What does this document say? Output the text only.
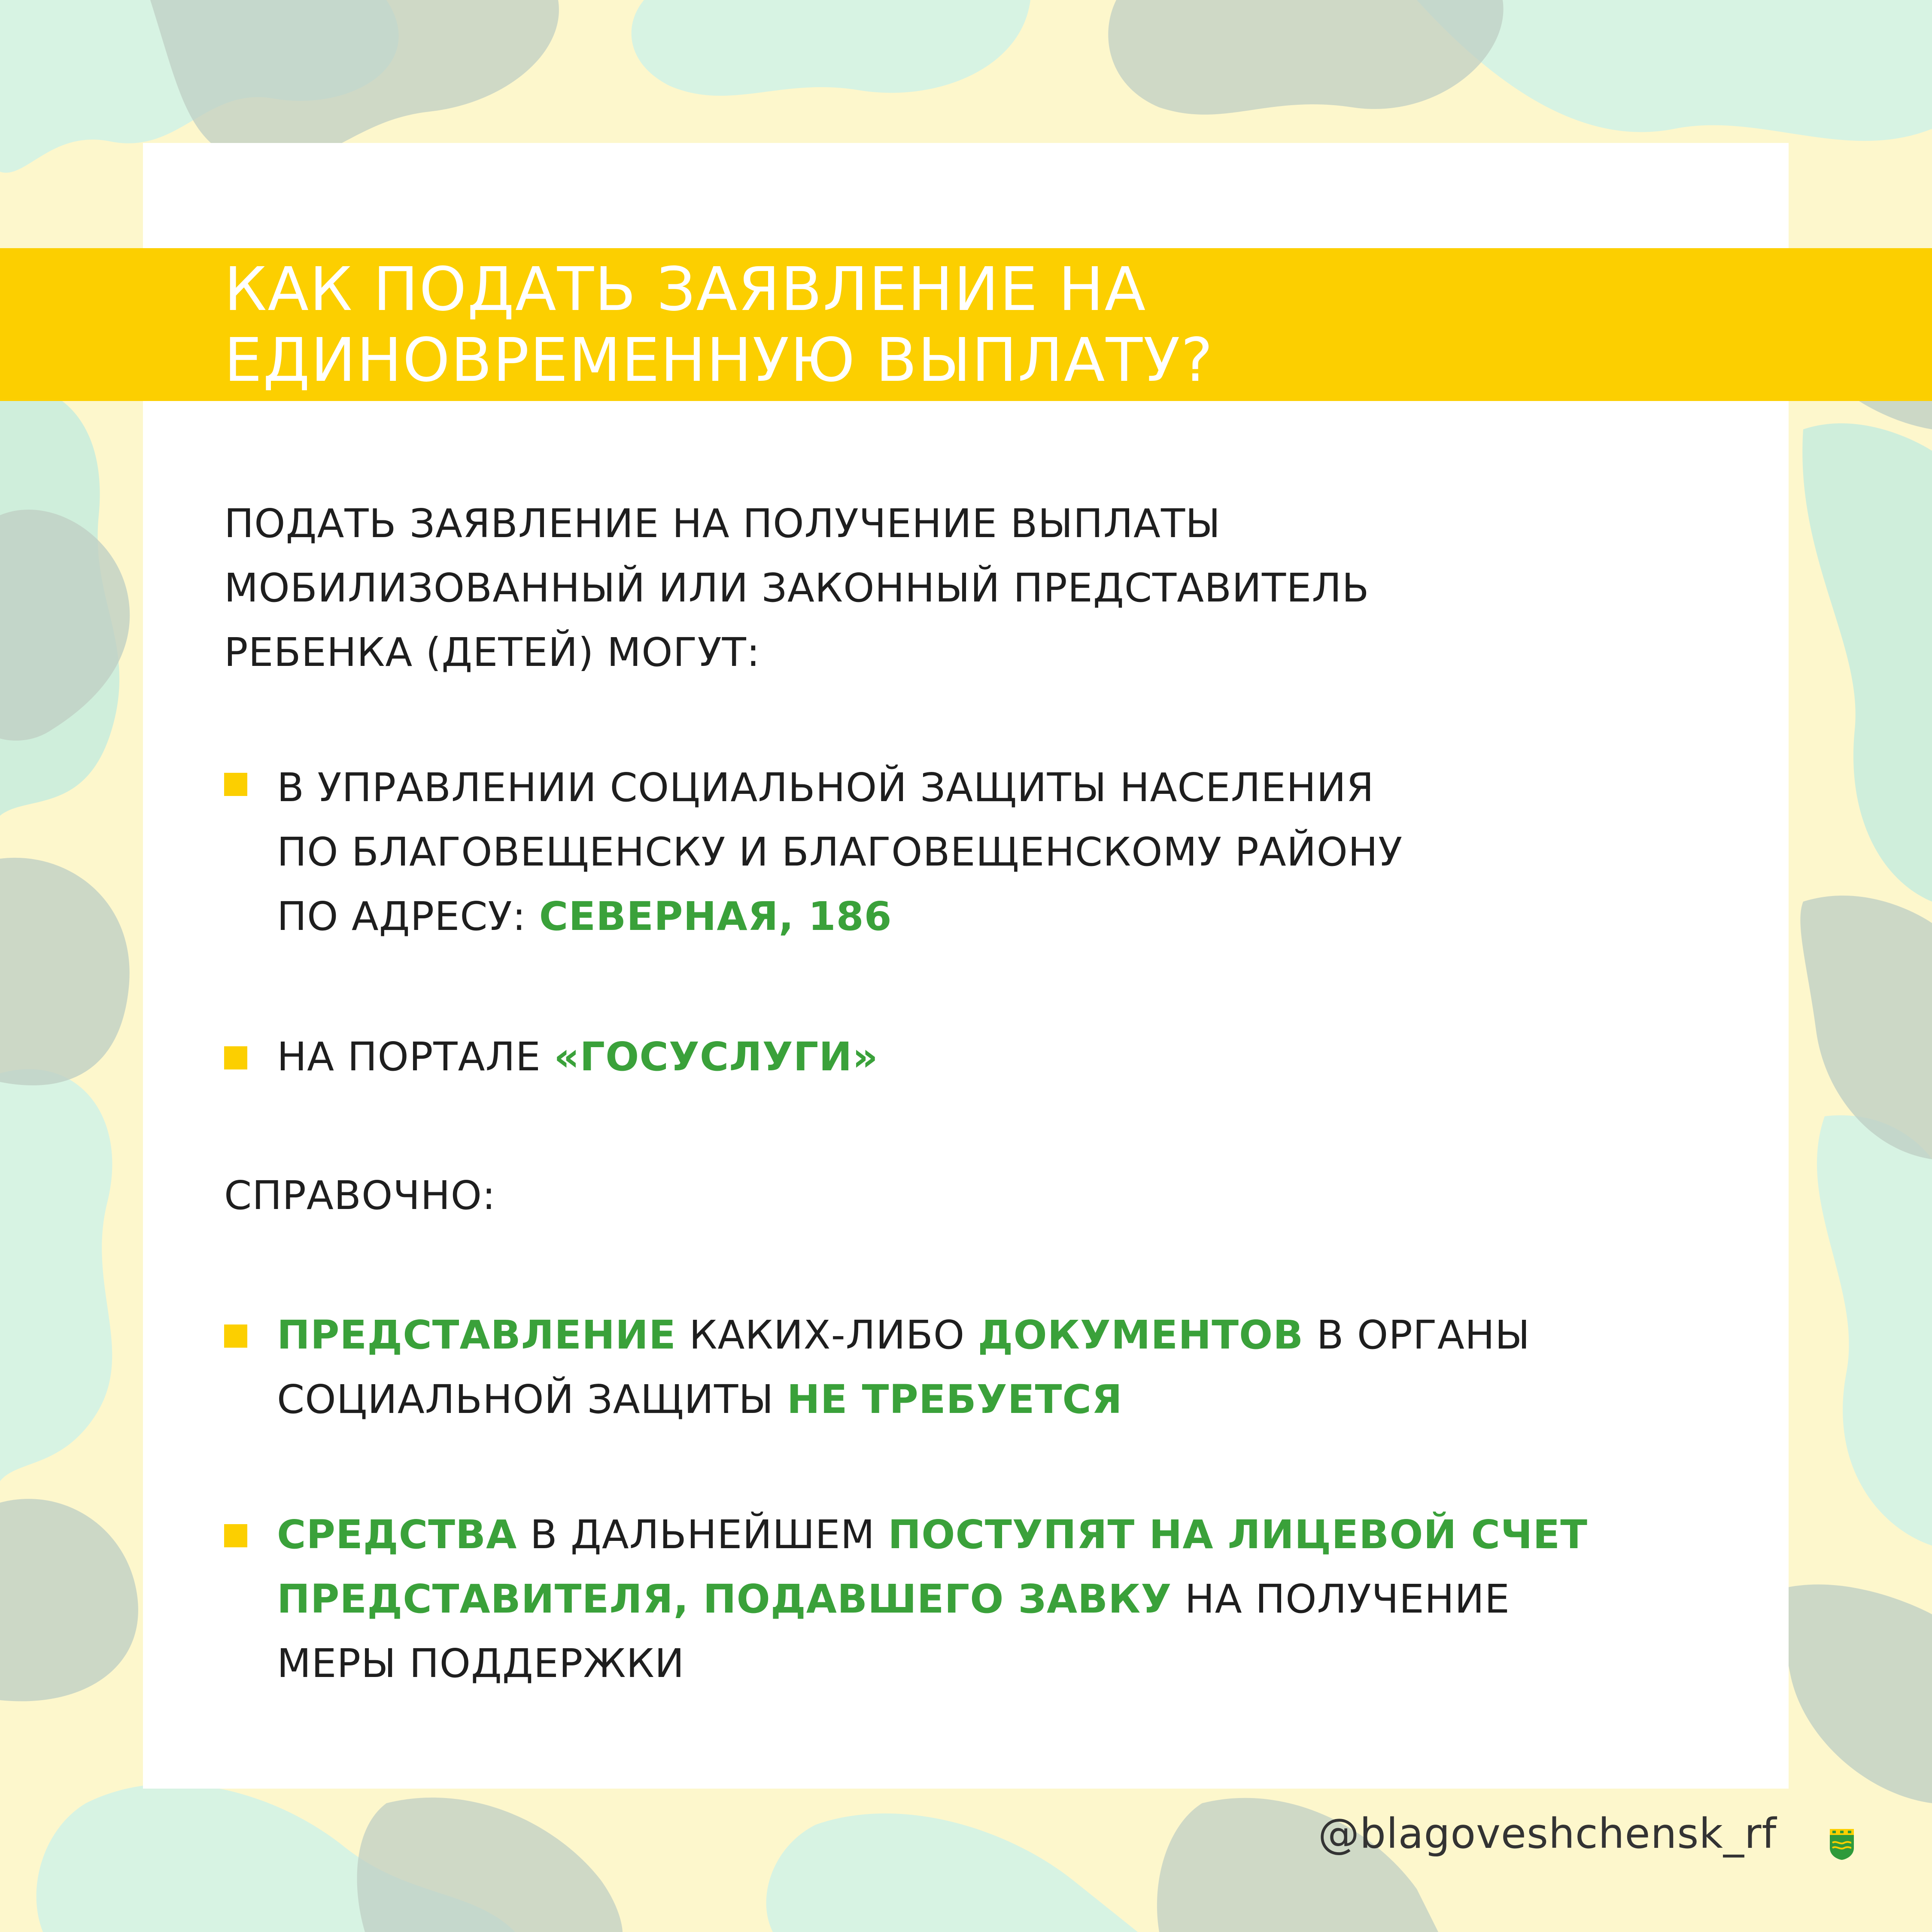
КАК ПОДАТЬ ЗАЯВЛЕНИЕ НА
ЕДИНОВРЕМЕННУЮ ВЫПЛАТУ?
ПОДАТЬ ЗАЯВЛЕНИЕ НА ПОЛУЧЕНИЕ ВЫПЛАТЫ
МОБИЛИЗОВАННЫЙ ИЛИ ЗАКОННЫЙ ПРЕДСТАВИТЕЛЬ
РЕБЕНКА (ДЕТЕЙ) МОГУТ:
В УПРАВЛЕНИИ СОЦИАЛЬНОЙ ЗАЩИТЫ НАСЕЛЕНИЯ
ПО БЛАГОВЕЩЕНСКУ И БЛАГОВЕЩЕНСКОМУ РАЙОНУ
ПО АДРЕСУ: СЕВЕРНАЯ, 186
НА ПОРТАЛЕ «ГОСУСЛУГИ»
СПРАВОЧНО:
ПРЕДСТАВЛЕНИЕ КАКИХ-ЛИБО ДОКУМЕНТОВ В ОРГАНЫ
СОЦИАЛЬНОЙ ЗАЩИТЫ НЕ ТРЕБУЕТСЯ
СРЕДСТВА В ДАЛЬНЕЙШЕМ ПОСТУПЯТ НА ЛИЦЕВОЙ СЧЕТ
ПРЕДСТАВИТЕЛЯ, ПОДАВШЕГО ЗАВКУ НА ПОЛУЧЕНИЕ
МЕРЫ ПОДДЕРЖКИ
@blagoveshchensk_rf
